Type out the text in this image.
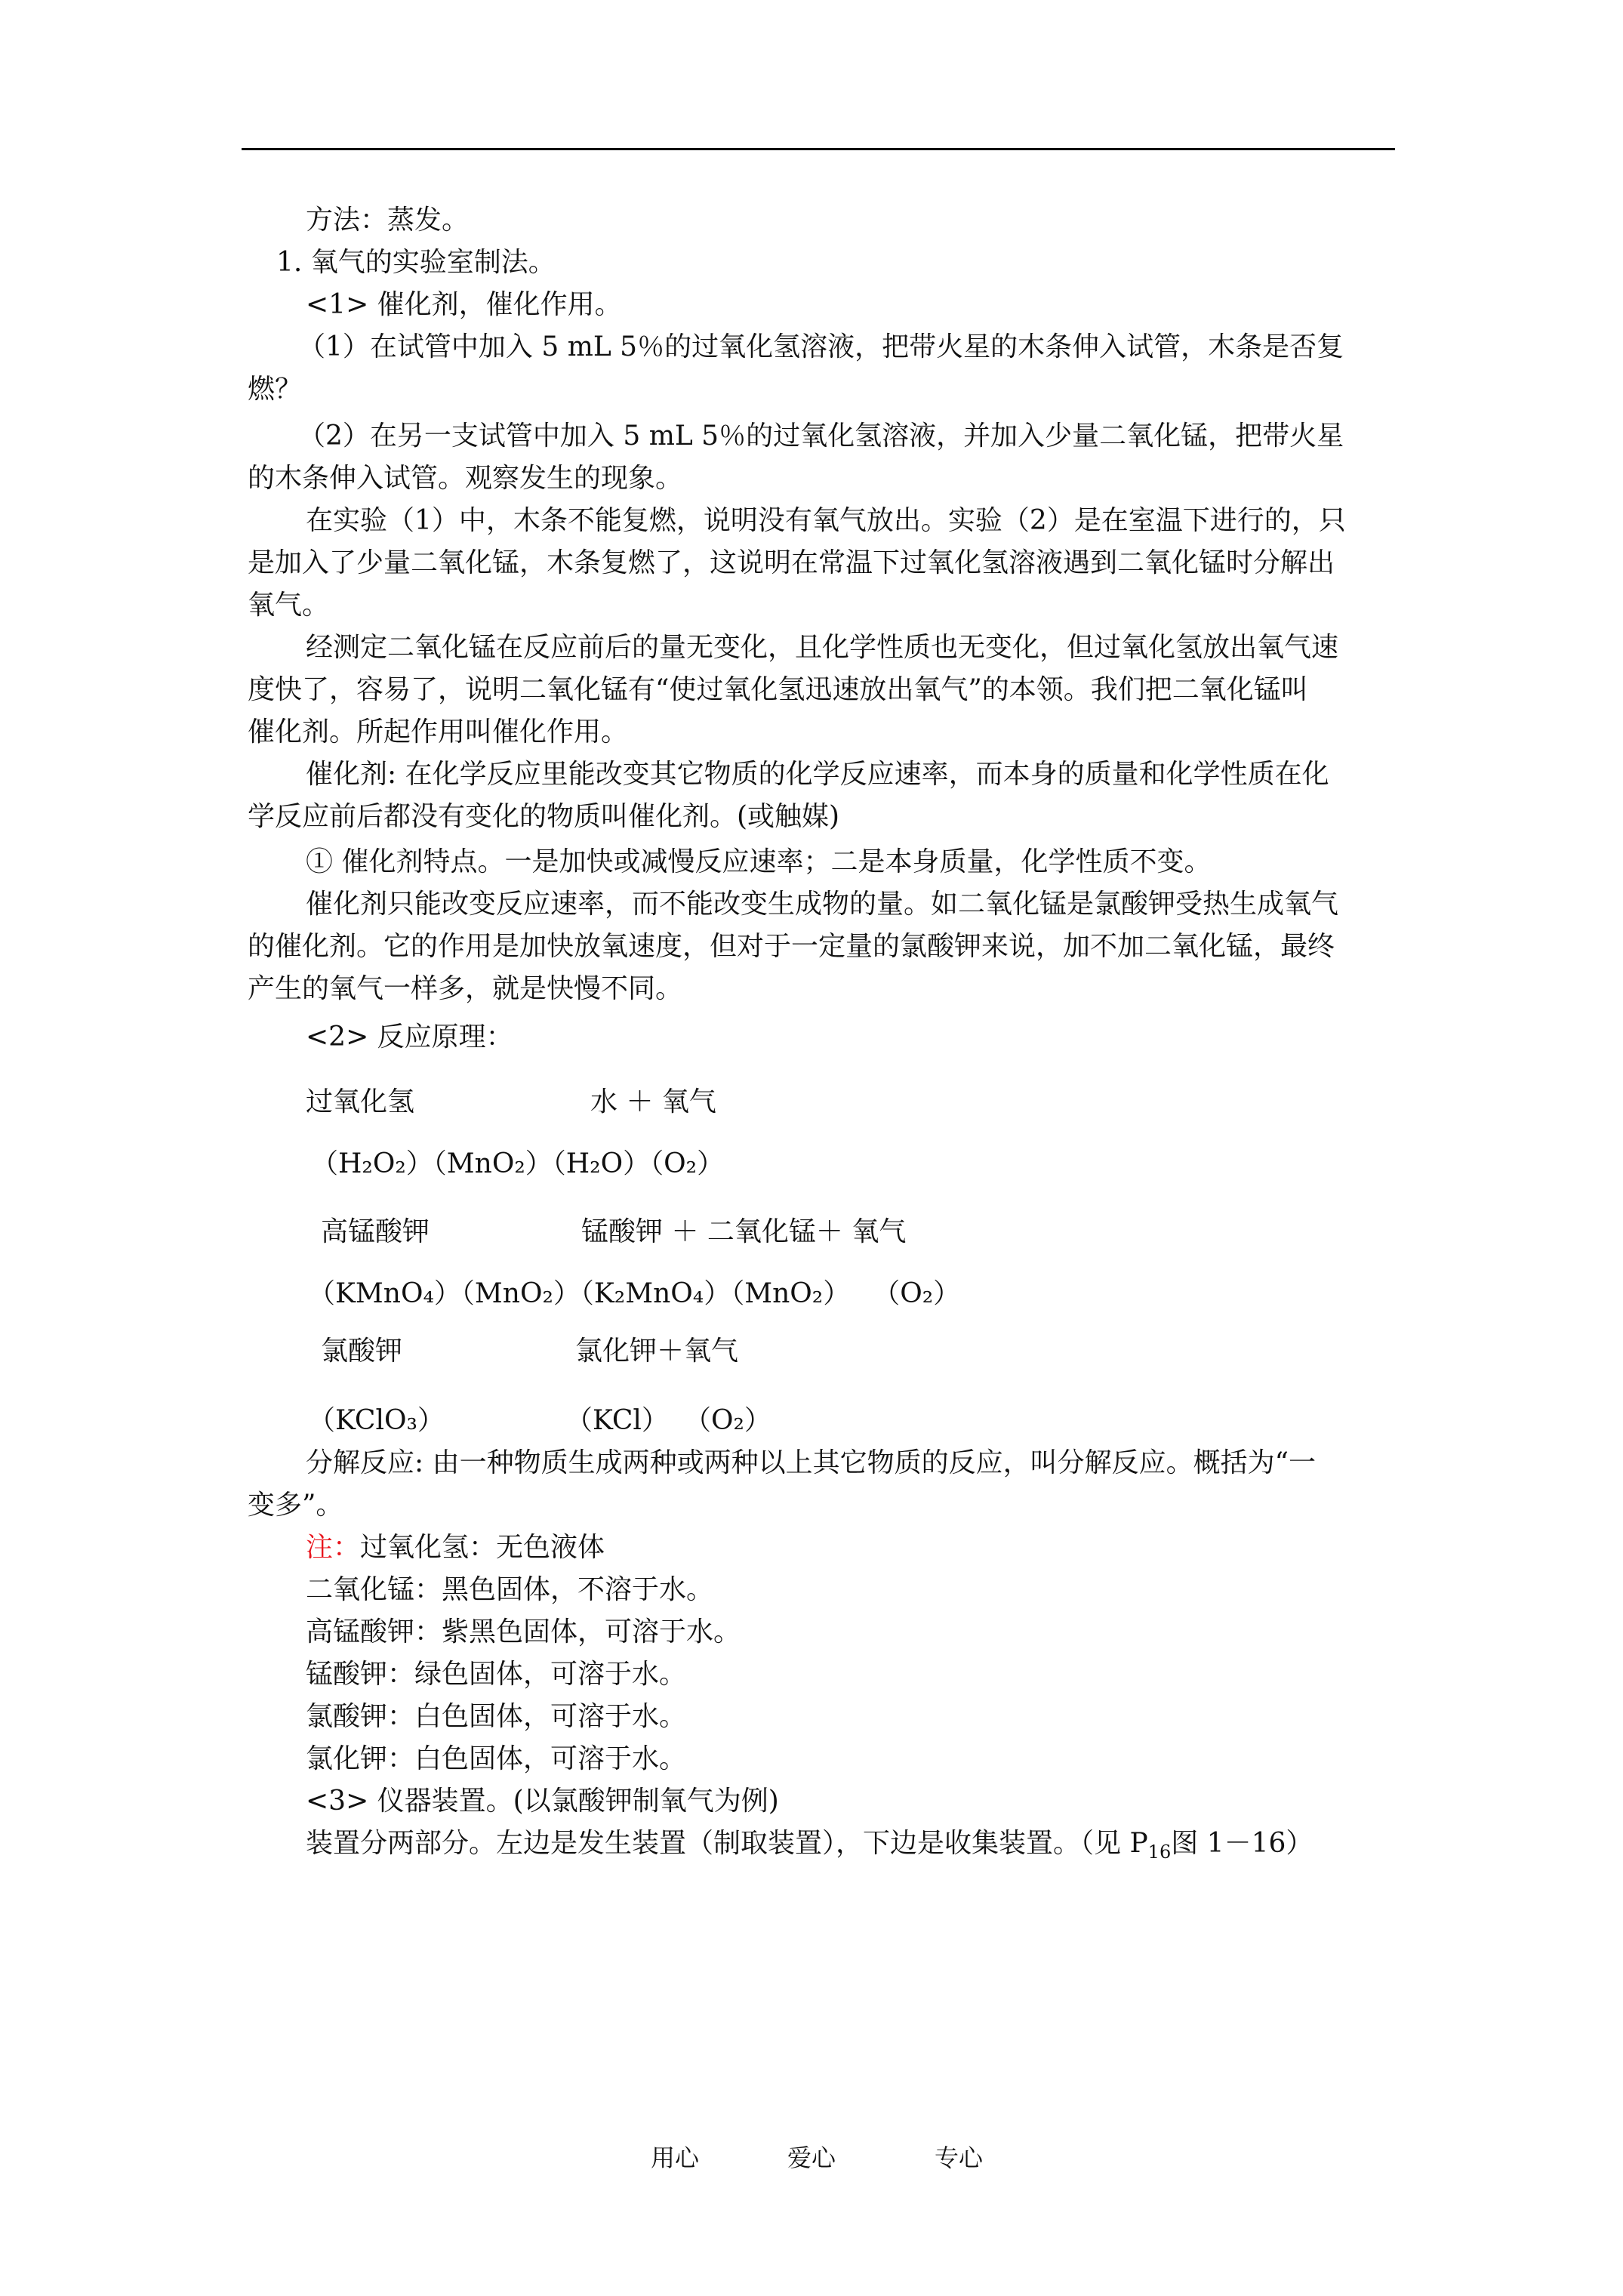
方法：蒸发。
1. 氧气的实验室制法。
<1> 催化剂，催化作用。
（1）在试管中加入 5 mL 5％的过氧化氢溶液，把带火星的木条伸入试管，木条是否复
燃？
（2）在另一支试管中加入 5 mL 5％的过氧化氢溶液，并加入少量二氧化锰，把带火星
的木条伸入试管。观察发生的现象。
在实验（1）中，木条不能复燃，说明没有氧气放出。实验（2）是在室温下进行的，只
是加入了少量二氧化锰，木条复燃了，这说明在常温下过氧化氢溶液遇到二氧化锰时分解出
氧气。
经测定二氧化锰在反应前后的量无变化，且化学性质也无变化，但过氧化氢放出氧气速
度快了，容易了，说明二氧化锰有“使过氧化氢迅速放出氧气”的本领。我们把二氧化锰叫
催化剂。所起作用叫催化作用。
催化剂: 在化学反应里能改变其它物质的化学反应速率，而本身的质量和化学性质在化
学反应前后都没有变化的物质叫催化剂。(或触媒)
① 催化剂特点。一是加快或减慢反应速率；二是本身质量，化学性质不变。
催化剂只能改变反应速率，而不能改变生成物的量。如二氧化锰是氯酸钾受热生成氧气
的催化剂。它的作用是加快放氧速度，但对于一定量的氯酸钾来说，加不加二氧化锰，最终
产生的氧气一样多，就是快慢不同。
<2> 反应原理：
过氧化氢	水 ＋ 氧气
（H₂O₂）（MnO₂）（H₂O）（O₂）
高锰酸钾	锰酸钾 ＋ 二氧化锰＋ 氧气
（KMnO₄）（MnO₂）（K₂MnO₄）（MnO₂） （O₂）
氯酸钾	氯化钾＋氧气
（KClO₃）	（KCl） （O₂）
分解反应: 由一种物质生成两种或两种以上其它物质的反应，叫分解反应。概括为“一
变多”。
注：过氧化氢：无色液体
二氧化锰：黑色固体，不溶于水。
高锰酸钾：紫黑色固体，可溶于水。
锰酸钾：绿色固体，可溶于水。
氯酸钾：白色固体，可溶于水。
氯化钾：白色固体，可溶于水。
<3> 仪器装置。(以氯酸钾制氧气为例)
装置分两部分。左边是发生装置（制取装置），下边是收集装置。（见 $P_{16}$图 1－16）
用心	爱心	专心
